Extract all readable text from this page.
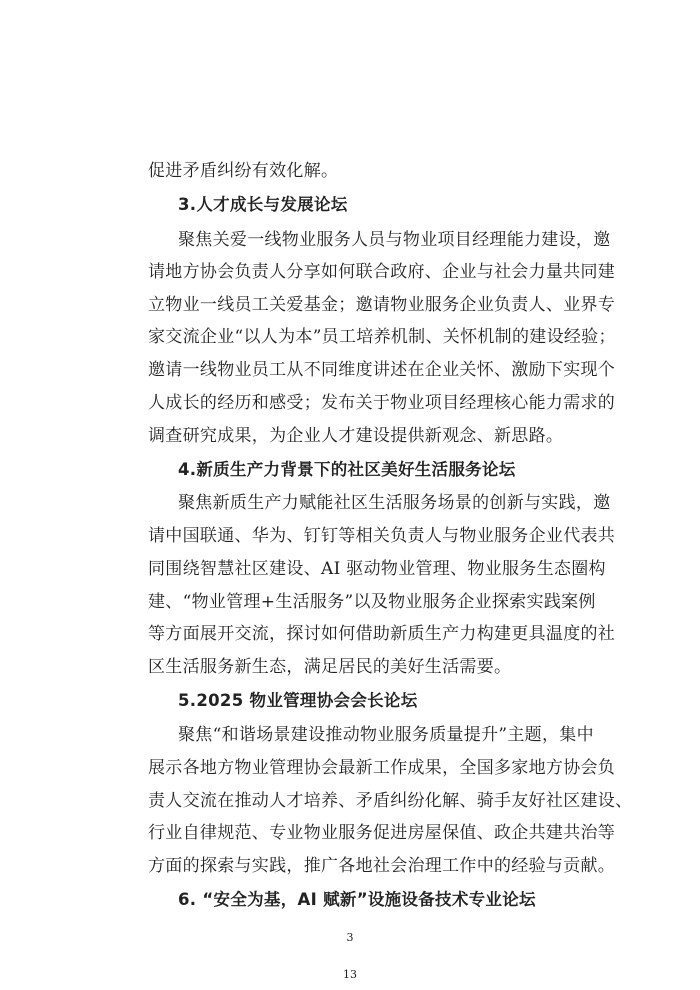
促进矛盾纠纷有效化解。
3.人才成长与发展论坛
聚焦关爱一线物业服务人员与物业项目经理能力建设，邀
请地方协会负责人分享如何联合政府、企业与社会力量共同建
立物业一线员工关爱基金；邀请物业服务企业负责人、业界专
家交流企业“以人为本”员工培养机制、关怀机制的建设经验；
邀请一线物业员工从不同维度讲述在企业关怀、激励下实现个
人成长的经历和感受；发布关于物业项目经理核心能力需求的
调查研究成果，为企业人才建设提供新观念、新思路。
4.新质生产力背景下的社区美好生活服务论坛
聚焦新质生产力赋能社区生活服务场景的创新与实践，邀
请中国联通、华为、钉钉等相关负责人与物业服务企业代表共
同围绕智慧社区建设、AI 驱动物业管理、物业服务生态圈构
建、“物业管理+生活服务”以及物业服务企业探索实践案例
等方面展开交流，探讨如何借助新质生产力构建更具温度的社
区生活服务新生态，满足居民的美好生活需要。
5.2025 物业管理协会会长论坛
聚焦“和谐场景建设推动物业服务质量提升”主题，集中
展示各地方物业管理协会最新工作成果，全国多家地方协会负
责人交流在推动人才培养、矛盾纠纷化解、骑手友好社区建设、
行业自律规范、专业物业服务促进房屋保值、政企共建共治等
方面的探索与实践，推广各地社会治理工作中的经验与贡献。
6. “安全为基，AI 赋新”设施设备技术专业论坛
3
13
